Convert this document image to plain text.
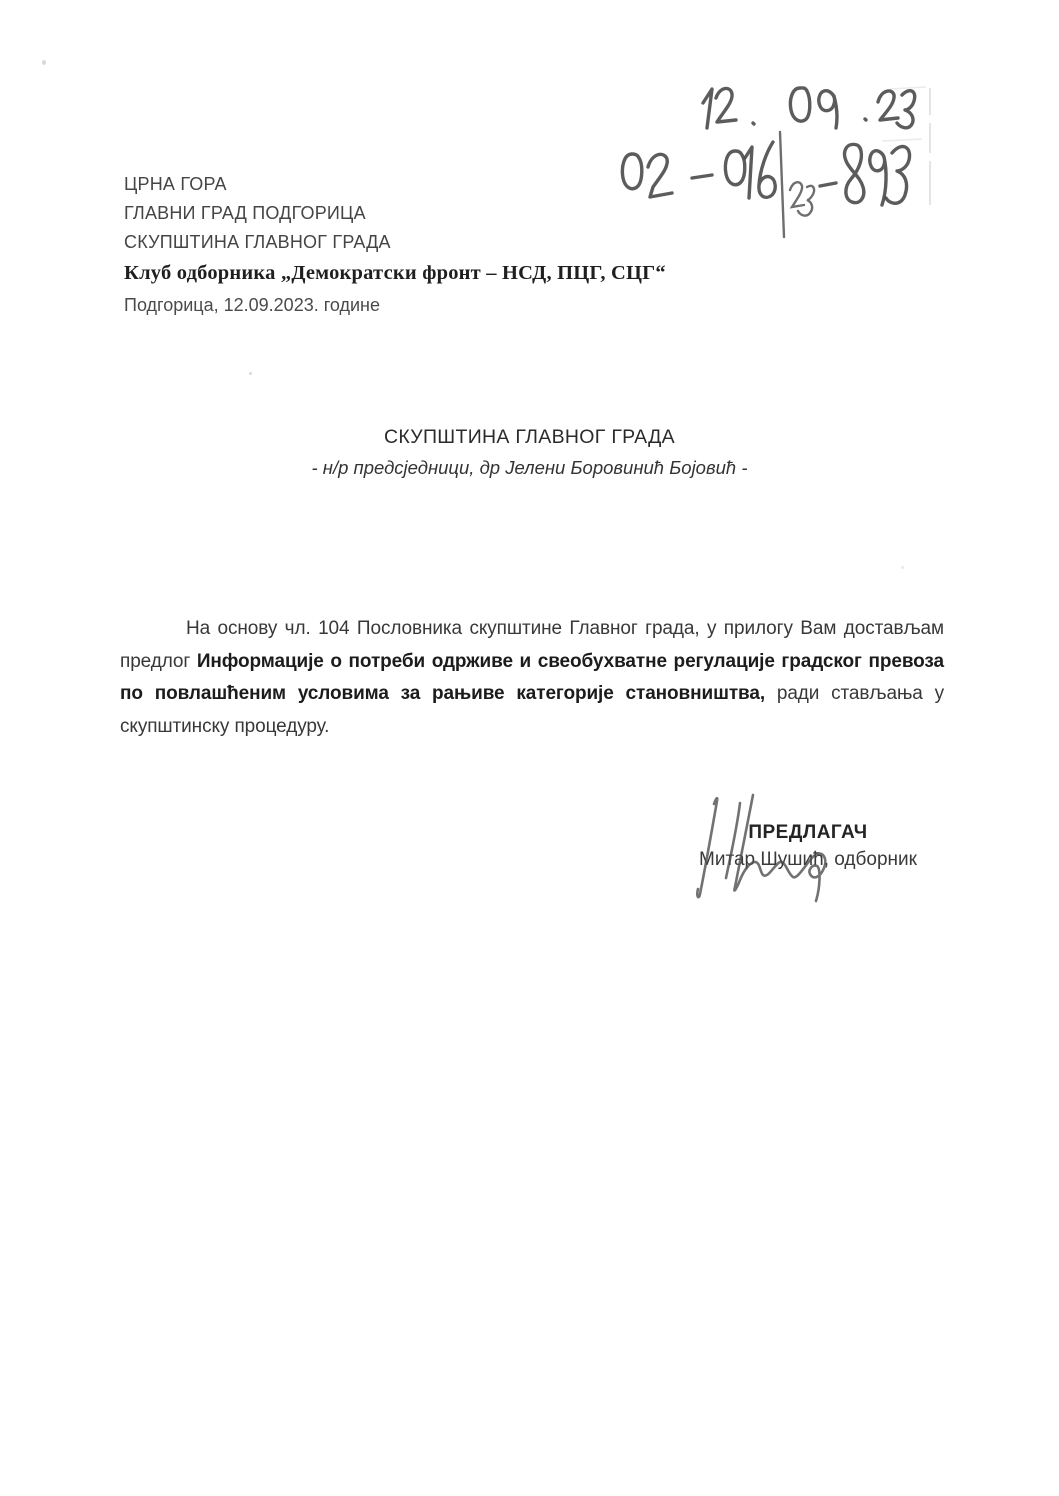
ЦРНА ГОРА
ГЛАВНИ ГРАД ПОДГОРИЦА
СКУПШТИНА ГЛАВНОГ ГРАДА
Клуб одборника „Демократски фронт – НСД, ПЦГ, СЦГ“
Подгорица, 12.09.2023. године
СКУПШТИНА ГЛАВНОГ ГРАДА
- н/р предсједници, др Јелени Боровинић Бојовић -

На основу чл. 104 Пословника скупштине Главног града, у прилогу Вам достављам предлог Информације о потреби одрживе и свеобухватне регулације градског превоза по повлашћеним условима за рањиве категорије становништва, ради стављања у скупштинску процедуру.

ПРЕДЛАГАЧ
Митар Шушић, одборник
